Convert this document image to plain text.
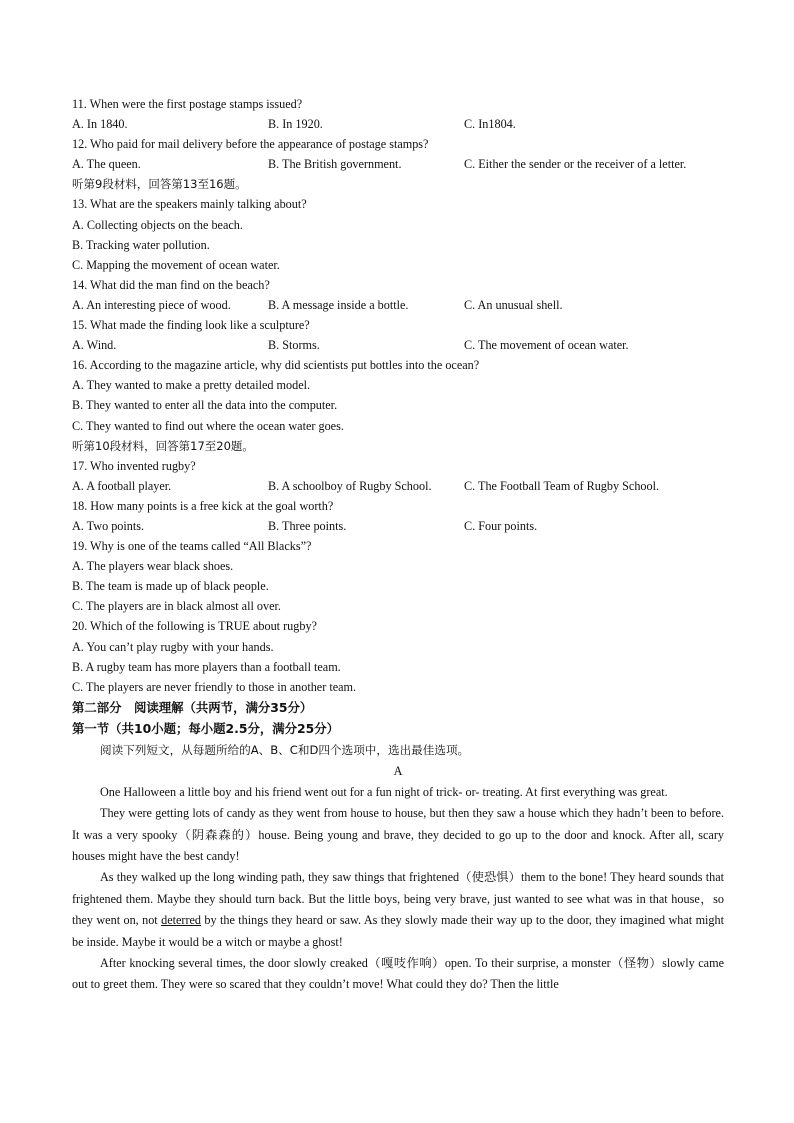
11. When were the first postage stamps issued?
A. In 1840.	B. In 1920.	C. In1804.
12. Who paid for mail delivery before the appearance of postage stamps?
A. The queen.	B. The British government.	C. Either the sender or the receiver of a letter.
听第9段材料，回答第13至16题。
13. What are the speakers mainly talking about?
A. Collecting objects on the beach.
B. Tracking water pollution.
C. Mapping the movement of ocean water.
14. What did the man find on the beach?
A. An interesting piece of wood.	B. A message inside a bottle.	C. An unusual shell.
15. What made the finding look like a sculpture?
A. Wind.	B. Storms.	C. The movement of ocean water.
16. According to the magazine article, why did scientists put bottles into the ocean?
A. They wanted to make a pretty detailed model.
B. They wanted to enter all the data into the computer.
C. They wanted to find out where the ocean water goes.
听第10段材料，回答第17至20题。
17. Who invented rugby?
A. A football player.	B. A schoolboy of Rugby School.	C. The Football Team of Rugby School.
18. How many points is a free kick at the goal worth?
A. Two points.	B. Three points.	C. Four points.
19. Why is one of the teams called “All Blacks”?
A. The players wear black shoes.
B. The team is made up of black people.
C. The players are in black almost all over.
20. Which of the following is TRUE about rugby?
A. You can’t play rugby with your hands.
B. A rugby team has more players than a football team.
C. The players are never friendly to those in another team.
第二部分　阅读理解（共两节，满分35分）
第一节（共10小题；每小题2.5分，满分25分）
阅读下列短文，从每题所给的A、B、C和D四个选项中，选出最佳选项。
A

One Halloween a little boy and his friend went out for a fun night of trick- or- treating. At first everything was great.

They were getting lots of candy as they went from house to house, but then they saw a house which they hadn’t been to before. It was a very spooky（阴森森的）house. Being young and brave, they decided to go up to the door and knock. After all, scary houses might have the best candy!

As they walked up the long winding path, they saw things that frightened（使恐惧）them to the bone! They heard sounds that frightened them. Maybe they should turn back. But the little boys, being very brave, just wanted to see what was in that house，so they went on, not deterred by the things they heard or saw. As they slowly made their way up to the door, they imagined what might be inside. Maybe it would be a witch or maybe a ghost!

After knocking several times, the door slowly creaked（嘎吱作响）open. To their surprise, a monster（怪物）slowly came out to greet them. They were so scared that they couldn’t move! What could they do? Then the little
